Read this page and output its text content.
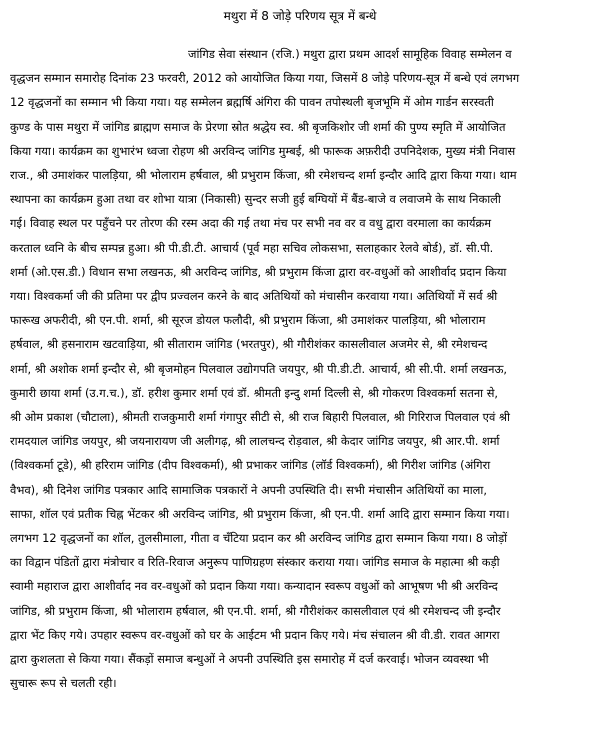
मथुरा में 8 जोड़े परिणय सूत्र में बन्धे
जांगिड सेवा संस्थान (रजि.) मथुरा द्वारा प्रथम आदर्श सामूहिक विवाह सम्मेलन व
वृद्धजन सम्मान समारोह दिनांक 23 फरवरी, 2012 को आयोजित किया गया, जिसमें 8 जोड़े परिणय-सूत्र में बन्धे एवं लगभग
12 वृद्धजनों का सम्मान भी किया गया। यह सम्मेलन ब्रह्मर्षि अंगिरा की पावन तपोस्थली बृजभूमि में ओम गार्डन सरस्वती
कुण्ड के पास मथुरा में जांगिड ब्राह्मण समाज के प्रेरणा स्रोत श्रद्धेय स्व. श्री बृजकिशोर जी शर्मा की पुण्य स्मृति में आयोजित
किया गया। कार्यक्रम का शुभारंभ ध्वजा रोहण श्री अरविन्द जांगिड मुम्बई, श्री फारूक अफ़रीदी उपनिदेशक, मुख्य मंत्री निवास
राज., श्री उमाशंकर पालड़िया, श्री भोलाराम हर्षवाल, श्री प्रभुराम किंजा, श्री रमेशचन्द शर्मा इन्दौर आदि द्वारा किया गया। थाम
स्थापना का कार्यक्रम हुआ तथा वर शोभा यात्रा (निकासी) सुन्दर सजी हुई बग्घियों में बैंड-बाजे व लवाजमे के साथ निकाली
गई। विवाह स्थल पर पहुँचने पर तोरण की रस्म अदा की गई तथा मंच पर सभी नव वर व वधु द्वारा वरमाला का कार्यक्रम
करताल ध्वनि के बीच सम्पन्न हुआ। श्री पी.डी.टी. आचार्य (पूर्व महा सचिव लोकसभा, सलाहकार रेलवे बोर्ड), डॉ. सी.पी.
शर्मा (ओ.एस.डी.) विधान सभा लखनऊ, श्री अरविन्द जांगिड, श्री प्रभुराम किंजा द्वारा वर-वधुओं को आशीर्वाद प्रदान किया
गया। विश्वकर्मा जी की प्रतिमा पर द्वीप प्रज्वलन करने के बाद अतिथियों को मंचासीन करवाया गया। अतिथियों में सर्व श्री
फारूख अफरीदी, श्री एन.पी. शर्मा, श्री सूरज डोयल फलौदी, श्री प्रभुराम किंजा, श्री उमाशंकर पालड़िया, श्री भोलाराम
हर्षवाल, श्री हसनाराम खटवाड़िया, श्री सीताराम जांगिड (भरतपुर), श्री गौरीशंकर कासलीवाल अजमेर से, श्री रमेशचन्द
शर्मा, श्री अशोक शर्मा इन्दौर से, श्री बृजमोहन पिलवाल उद्योगपति जयपुर, श्री पी.डी.टी. आचार्य, श्री सी.पी. शर्मा लखनऊ,
कुमारी छाया शर्मा (उ.ग.च.), डॉ. हरीश कुमार शर्मा एवं डॉ. श्रीमती इन्दु शर्मा दिल्ली से, श्री गोकरण विश्वकर्मा सतना से,
श्री ओम प्रकाश (चौटाला), श्रीमती राजकुमारी शर्मा गंगापुर सीटी से, श्री राज बिहारी पिलवाल, श्री गिरिराज पिलवाल एवं श्री
रामदयाल जांगिड जयपुर, श्री जयनारायण जी अलीगढ़, श्री लालचन्द रोड़वाल, श्री केदार जांगिड जयपुर, श्री आर.पी. शर्मा
(विश्वकर्मा टूडे), श्री हरिराम जांगिड (दीप विश्वकर्मा), श्री प्रभाकर जांगिड (लॉर्ड विश्वकर्मा), श्री गिरीश जांगिड (अंगिरा
वैभव), श्री दिनेश जांगिड पत्रकार आदि सामाजिक पत्रकारों ने अपनी उपस्थिति दी। सभी मंचासीन अतिथियों का माला,
साफा, शॉल एवं प्रतीक चिह्न भेंटकर श्री अरविन्द जांगिड, श्री प्रभुराम किंजा, श्री एन.पी. शर्मा आदि द्वारा सम्मान किया गया।
लगभग 12 वृद्धजनों का शॉल, तुलसीमाला, गीता व चँटिया प्रदान कर श्री अरविन्द जांगिड द्वारा सम्मान किया गया। 8 जोड़ों
का विद्वान पंडितों द्वारा मंत्रोचार व रिति-रिवाज अनुरूप पाणिग्रहण संस्कार कराया गया। जांगिड समाज के महात्मा श्री कड़ी
स्वामी महाराज द्वारा आशीर्वाद नव वर-वधुओं को प्रदान किया गया। कन्यादान स्वरूप वधुओं को आभूषण भी श्री अरविन्द
जांगिड, श्री प्रभुराम किंजा, श्री भोलाराम हर्षवाल, श्री एन.पी. शर्मा, श्री गौरीशंकर कासलीवाल एवं श्री रमेशचन्द जी इन्दौर
द्वारा भेंट किए गये। उपहार स्वरूप वर-वधुओं को घर के आईटम भी प्रदान किए गये। मंच संचालन श्री वी.डी. रावत आगरा
द्वारा कुशलता से किया गया। सैंकड़ों समाज बन्धुओं ने अपनी उपस्थिति इस समारोह में दर्ज करवाई। भोजन व्यवस्था भी
सुचारू रूप से चलती रही।
